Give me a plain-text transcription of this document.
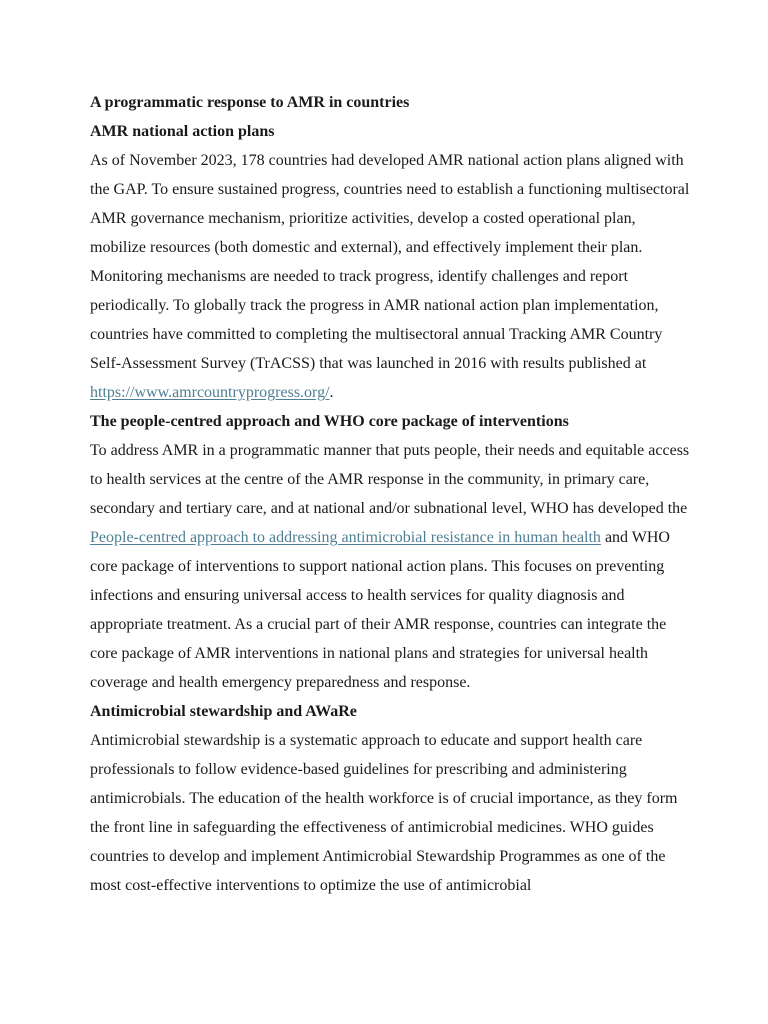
A programmatic response to AMR in countries

AMR national action plans

As of November 2023, 178 countries had developed AMR national action plans aligned with the GAP. To ensure sustained progress, countries need to establish a functioning multisectoral AMR governance mechanism, prioritize activities, develop a costed operational plan, mobilize resources (both domestic and external), and effectively implement their plan. Monitoring mechanisms are needed to track progress, identify challenges and report periodically. To globally track the progress in AMR national action plan implementation, countries have committed to completing the multisectoral annual Tracking AMR Country Self-Assessment Survey (TrACSS) that was launched in 2016 with results published at https://www.amrcountryprogress.org/.

The people-centred approach and WHO core package of interventions

To address AMR in a programmatic manner that puts people, their needs and equitable access to health services at the centre of the AMR response in the community, in primary care, secondary and tertiary care, and at national and/or subnational level, WHO has developed the People-centred approach to addressing antimicrobial resistance in human health and WHO core package of interventions to support national action plans. This focuses on preventing infections and ensuring universal access to health services for quality diagnosis and appropriate treatment. As a crucial part of their AMR response, countries can integrate the core package of AMR interventions in national plans and strategies for universal health coverage and health emergency preparedness and response.

Antimicrobial stewardship and AWaRe

Antimicrobial stewardship is a systematic approach to educate and support health care professionals to follow evidence-based guidelines for prescribing and administering antimicrobials. The education of the health workforce is of crucial importance, as they form the front line in safeguarding the effectiveness of antimicrobial medicines. WHO guides countries to develop and implement Antimicrobial Stewardship Programmes as one of the most cost-effective interventions to optimize the use of antimicrobial
